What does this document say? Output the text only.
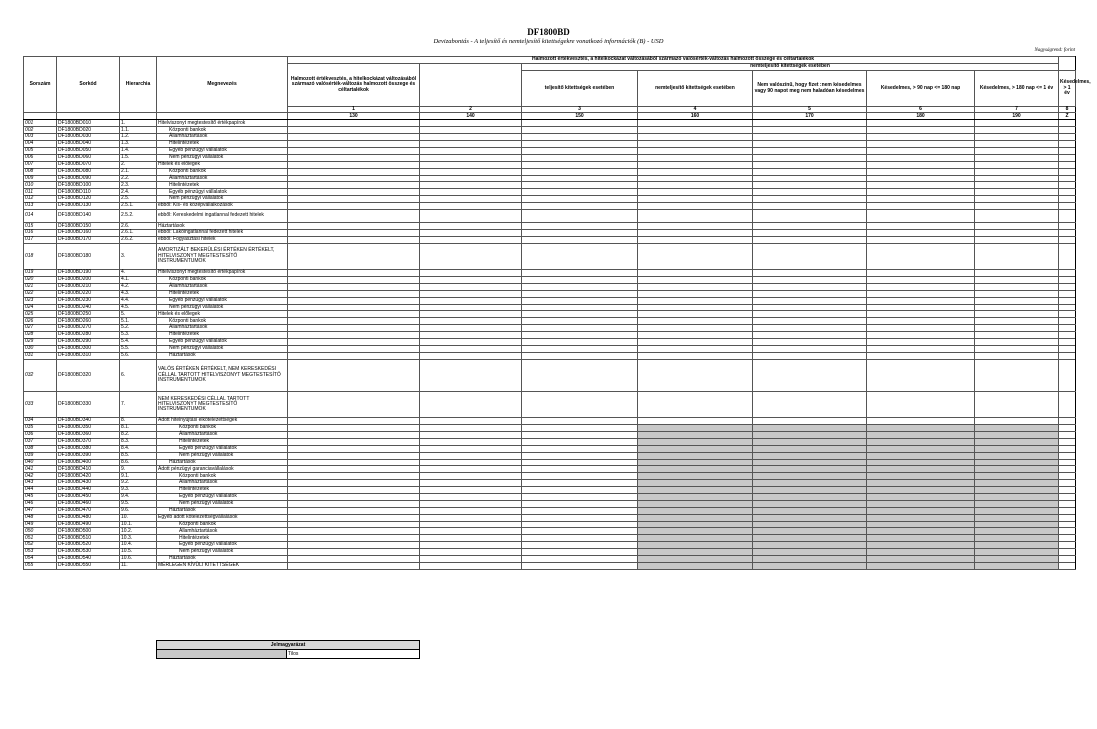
DF1800BD
Devizabontás - A teljesítő és nemteljesítő kitettségekre vonatkozó információk (B) - USD
Nagyságrend: forint
Sorszám	Sorkód	Hierarchia	Megnevezés	Halmozott értékvesztés, a hitelkockázat változásából származó valósérték-változás halmozott összege és céltartalékok								
				Halmozott értékvesztés, a hitelkockázat változásából származó valósérték-változás halmozott összege és céltartalékok		nemteljesítő kitettségek esetében						
						teljesítő kitettségek esetében	nemteljesítő kitettségek esetében	Nem valószínű, hogy fizet :nem késedelmes vagy 90 napot meg nem haladóan késedelmes	Késedelmes, > 90 nap <= 180 nap	Késedelmes, > 180 nap <= 1 év	Késedelmes, > 1 év	
				1	2	3	4	5	6	7	8	
				130	140	150	160	170	180	190	Z	
001	DF1800BD010	1.	Hitelviszonyt megtestesítő értékpapírok									
002	DF1800BD020	1.1.	Központi bankok									
003	DF1800BD030	1.2.	Államháztartások									
004	DF1800BD040	1.3.	Hitelintézetek									
005	DF1800BD050	1.4.	Egyéb pénzügyi vállalatok									
006	DF1800BD060	1.5.	Nem pénzügyi vállalatok									
007	DF1800BD070	2.	Hitelek és előlegek									
008	DF1800BD080	2.1.	Központi bankok									
009	DF1800BD090	2.2.	Államháztartások									
010	DF1800BD100	2.3.	Hitelintézetek									
011	DF1800BD110	2.4.	Egyéb pénzügyi vállalatok									
012	DF1800BD120	2.5.	Nem pénzügyi vállalatok									
013	DF1800BD130	2.5.1.	ebből: Kis- és középvállalkozások									
014	DF1800BD140	2.5.2.	ebből: Kereskedelmi ingatlannal fedezett hitelek									
015	DF1800BD150	2.6.	Háztartások									
016	DF1800BD160	2.6.1.	ebből: Lakóingatlannal fedezett hitelek									
017	DF1800BD170	2.6.2.	ebből: Fogyasztási hitelek									
018	DF1800BD180	3.	AMORTIZÁLT BEKERÜLÉSI ÉRTÉKEN ÉRTÉKELT, HITELVISZONYT MEGTESTESÍTŐ INSTRUMENTUMOK									
019	DF1800BD190	4.	Hitelviszonyt megtestesítő értékpapírok									
020	DF1800BD200	4.1.	Központi bankok									
021	DF1800BD210	4.2.	Államháztartások									
022	DF1800BD220	4.3.	Hitelintézetek									
023	DF1800BD230	4.4.	Egyéb pénzügyi vállalatok									
024	DF1800BD240	4.5.	Nem pénzügyi vállalatok									
025	DF1800BD250	5.	Hitelek és előlegek									
026	DF1800BD260	5.1.	Központi bankok									
027	DF1800BD270	5.2.	Államháztartások									
028	DF1800BD280	5.3.	Hitelintézetek									
029	DF1800BD290	5.4.	Egyéb pénzügyi vállalatok									
030	DF1800BD300	5.5.	Nem pénzügyi vállalatok									
031	DF1800BD310	5.6.	Háztartások									
032	DF1800BD320	6.	VALÓS ÉRTÉKEN ÉRTÉKELT, NEM KERESKEDÉSI CÉLLAL TARTOTT HITELVISZONYT MEGTESTESÍTŐ INSTRUMENTUMOK									
033	DF1800BD330	7.	NEM KERESKEDÉSI CÉLLAL TARTOTT HITELVISZONYT MEGTESTESÍTŐ INSTRUMENTUMOK									
034	DF1800BD340	8.	Adott hitelnyújtási elkötelezettségek									
035	DF1800BD350	8.1.	Központi bankok									
036	DF1800BD360	8.2.	Államháztartások									
037	DF1800BD370	8.3.	Hitelintézetek									
038	DF1800BD380	8.4.	Egyéb pénzügyi vállalatok									
039	DF1800BD390	8.5.	Nem pénzügyi vállalatok									
040	DF1800BD400	8.6.	Háztartások									
041	DF1800BD410	9.	Adott pénzügyi garanciavállalások									
042	DF1800BD420	9.1.	Központi bankok									
043	DF1800BD430	9.2.	Államháztartások									
044	DF1800BD440	9.3.	Hitelintézetek									
045	DF1800BD450	9.4.	Egyéb pénzügyi vállalatok									
046	DF1800BD460	9.5.	Nem pénzügyi vállalatok									
047	DF1800BD470	9.6.	Háztartások									
048	DF1800BD480	10.	Egyéb adott kötelezettségvállalások									
049	DF1800BD490	10.1.	Központi bankok									
050	DF1800BD500	10.2.	Államháztartások									
051	DF1800BD510	10.3.	Hitelintézetek									
052	DF1800BD520	10.4.	Egyéb pénzügyi vállalatok									
053	DF1800BD530	10.5.	Nem pénzügyi vállalatok									
054	DF1800BD540	10.6.	Háztartások									
055	DF1800BD550	11.	MÉRLEGEN KÍVÜLI KITETTSÉGEK									
Jelmagyarázat
	Tilos
